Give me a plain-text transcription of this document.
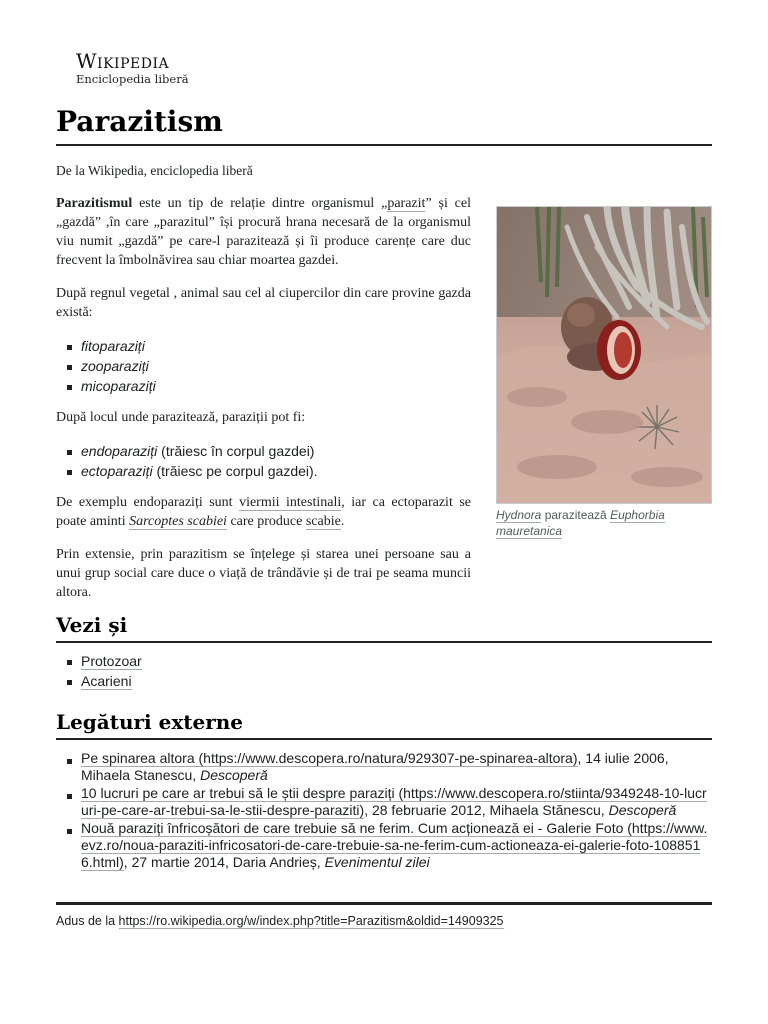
Wikipedia
Enciclopedia liberă
Parazitism
De la Wikipedia, enciclopedia liberă

Parazitismul este un tip de relație dintre organismul „parazit” și cel „gazdă” ,în care „parazitul” își procură hrana necesară de la organismul viu numit „gazdă” pe care-l parazitează și îi produce carențe care duc frecvent la îmbolnăvirea sau chiar moartea gazdei.

După regnul vegetal , animal sau cel al ciupercilor din care provine gazda există:

fitoparaziți
zooparaziți
micoparaziți

După locul unde parazitează, paraziții pot fi:

endoparaziți (trăiesc în corpul gazdei)
ectoparaziți (trăiesc pe corpul gazdei).

De exemplu endoparaziți sunt viermii intestinali, iar ca ectoparazit se poate aminti Sarcoptes scabiei care produce scabie.

Prin extensie, prin parazitism se înțelege și starea unei persoane sau a unui grup social care duce o viață de trândăvie și de trai pe seama muncii altora.

Hydnora parazitează Euphorbia mauretanica
Vezi și
Protozoar
Acarieni
Legături externe
Pe spinarea altora (https://www.descopera.ro/natura/929307-pe-spinarea-altora), 14 iulie 2006, Mihaela Stanescu, Descoperă
10 lucruri pe care ar trebui să le știi despre paraziți (https://www.descopera.ro/stiinta/9349248-10-lucruri-pe-care-ar-trebui-sa-le-stii-despre-paraziti), 28 februarie 2012, Mihaela Stănescu, Descoperă
Nouă paraziți înfricoșători de care trebuie să ne ferim. Cum acționează ei - Galerie Foto (https://www.evz.ro/noua-paraziti-infricosatori-de-care-trebuie-sa-ne-ferim-cum-actioneaza-ei-galerie-foto-1088516.html), 27 martie 2014, Daria Andrieș, Evenimentul zilei
Adus de la https://ro.wikipedia.org/w/index.php?title=Parazitism&oldid=14909325
